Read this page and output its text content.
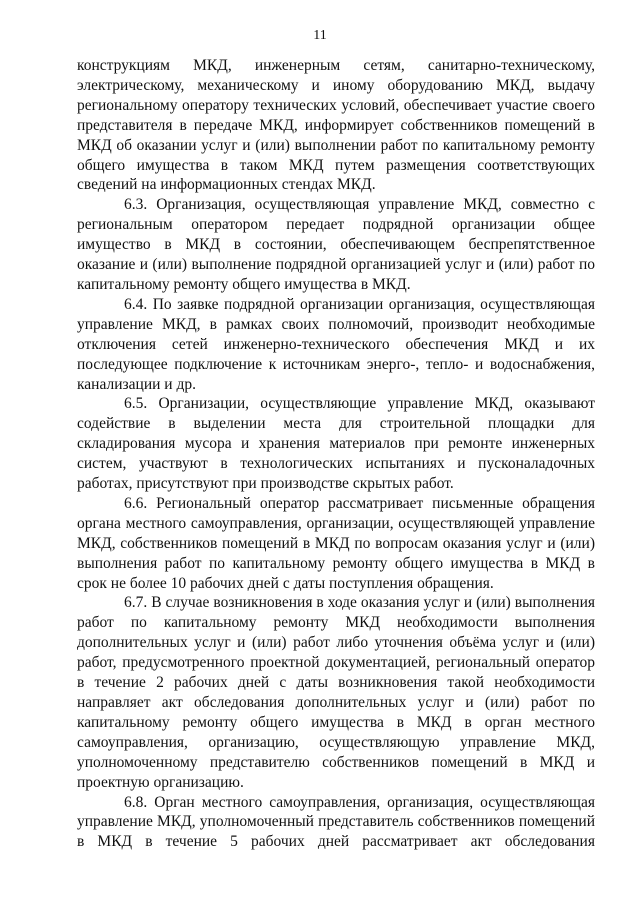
11

конструкциям МКД, инженерным сетям, санитарно-техническому, электрическому, механическому и иному оборудованию МКД, выдачу региональному оператору технических условий, обеспечивает участие своего представителя в передаче МКД, информирует собственников помещений в МКД об оказании услуг и (или) выполнении работ по капитальному ремонту общего имущества в таком МКД путем размещения соответствующих сведений на информационных стендах МКД.

6.3. Организация, осуществляющая управление МКД, совместно с региональным оператором передает подрядной организации общее имущество в МКД в состоянии, обеспечивающем беспрепятственное оказание и (или) выполнение подрядной организацией услуг и (или) работ по капитальному ремонту общего имущества в МКД.

6.4. По заявке подрядной организации организация, осуществляющая управление МКД, в рамках своих полномочий, производит необходимые отключения сетей инженерно-технического обеспечения МКД и их последующее подключение к источникам энерго-, тепло- и водоснабжения, канализации и др.

6.5. Организации, осуществляющие управление МКД, оказывают содействие в выделении места для строительной площадки для складирования мусора и хранения материалов при ремонте инженерных систем, участвуют в технологических испытаниях и пусконаладочных работах, присутствуют при производстве скрытых работ.

6.6. Региональный оператор рассматривает письменные обращения органа местного самоуправления, организации, осуществляющей управление МКД, собственников помещений в МКД по вопросам оказания услуг и (или) выполнения работ по капитальному ремонту общего имущества в МКД в срок не более 10 рабочих дней с даты поступления обращения.

6.7. В случае возникновения в ходе оказания услуг и (или) выполнения работ по капитальному ремонту МКД необходимости выполнения дополнительных услуг и (или) работ либо уточнения объёма услуг и (или) работ, предусмотренного проектной документацией, региональный оператор в течение 2 рабочих дней с даты возникновения такой необходимости направляет акт обследования дополнительных услуг и (или) работ по капитальному ремонту общего имущества в МКД в орган местного самоуправления, организацию, осуществляющую управление МКД, уполномоченному представителю собственников помещений в МКД и проектную организацию.

6.8. Орган местного самоуправления, организация, осуществляющая управление МКД, уполномоченный представитель собственников помещений в МКД в течение 5 рабочих дней рассматривает акт обследования
